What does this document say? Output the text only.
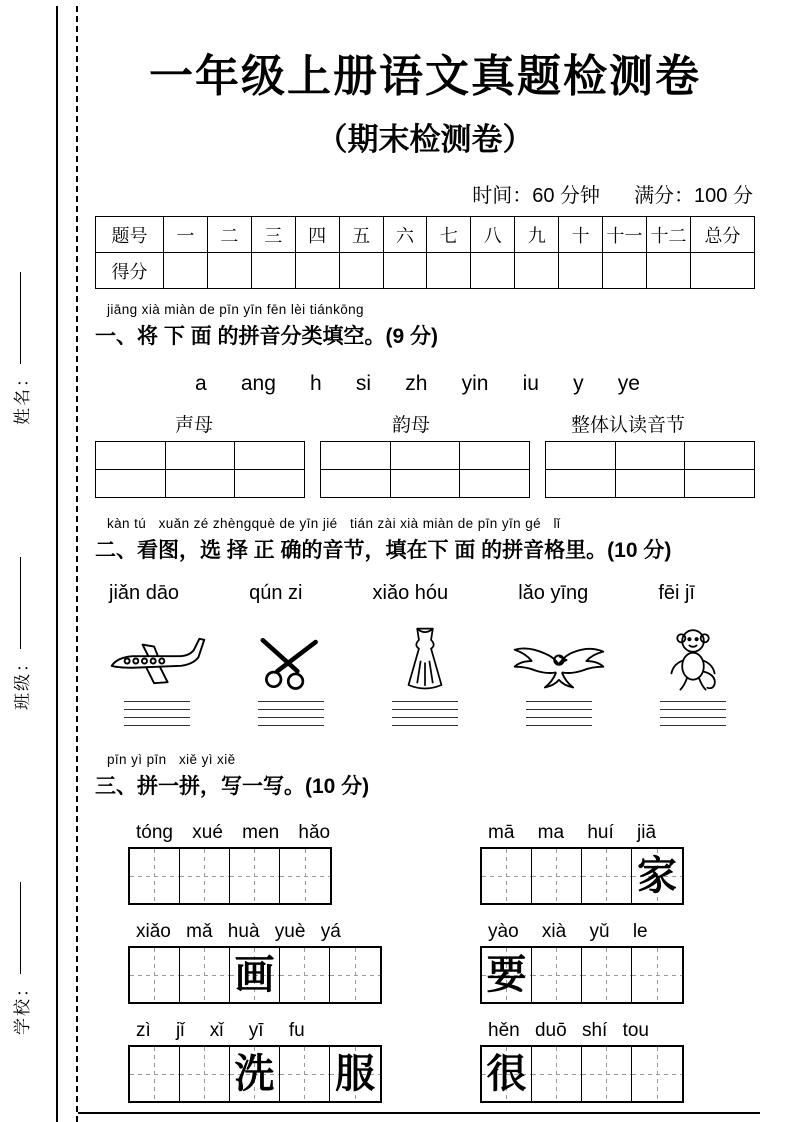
姓名：
班级：
学校：
一年级上册语文真题检测卷
（期末检测卷）
时间：60 分钟 满分：100 分
题号	一	二	三	四	五	六	七	八	九	十	十一	十二	总分
得分													
jiāng xià miàn de pīn yīn fēn lèi tiánkōng
一、将 下 面 的拼音分类填空。(9 分)
a ang h si zh yin iu y ye
声母	韵母	整体认读音节

kàn tú   xuǎn zé zhèngquè de yīn jié   tián zài xià miàn de pīn yīn gé   lǐ
二、看图，选 择 正 确的音节，填在下 面 的拼音格里。(10 分)
jiǎn dāo	qún zi	xiǎo hóu	lǎo yīng	fēi jī
pīn yì pīn   xiě yì xiě
三、拼一拼，写一写。(10 分)
tóng xué men hǎo	mā ma huí jiā
家
xiǎo mǎ huà yuè yá
画
yào xià yǔ le
要
zì jǐ xǐ yī fu
洗 服
hěn duō shí tou
很
